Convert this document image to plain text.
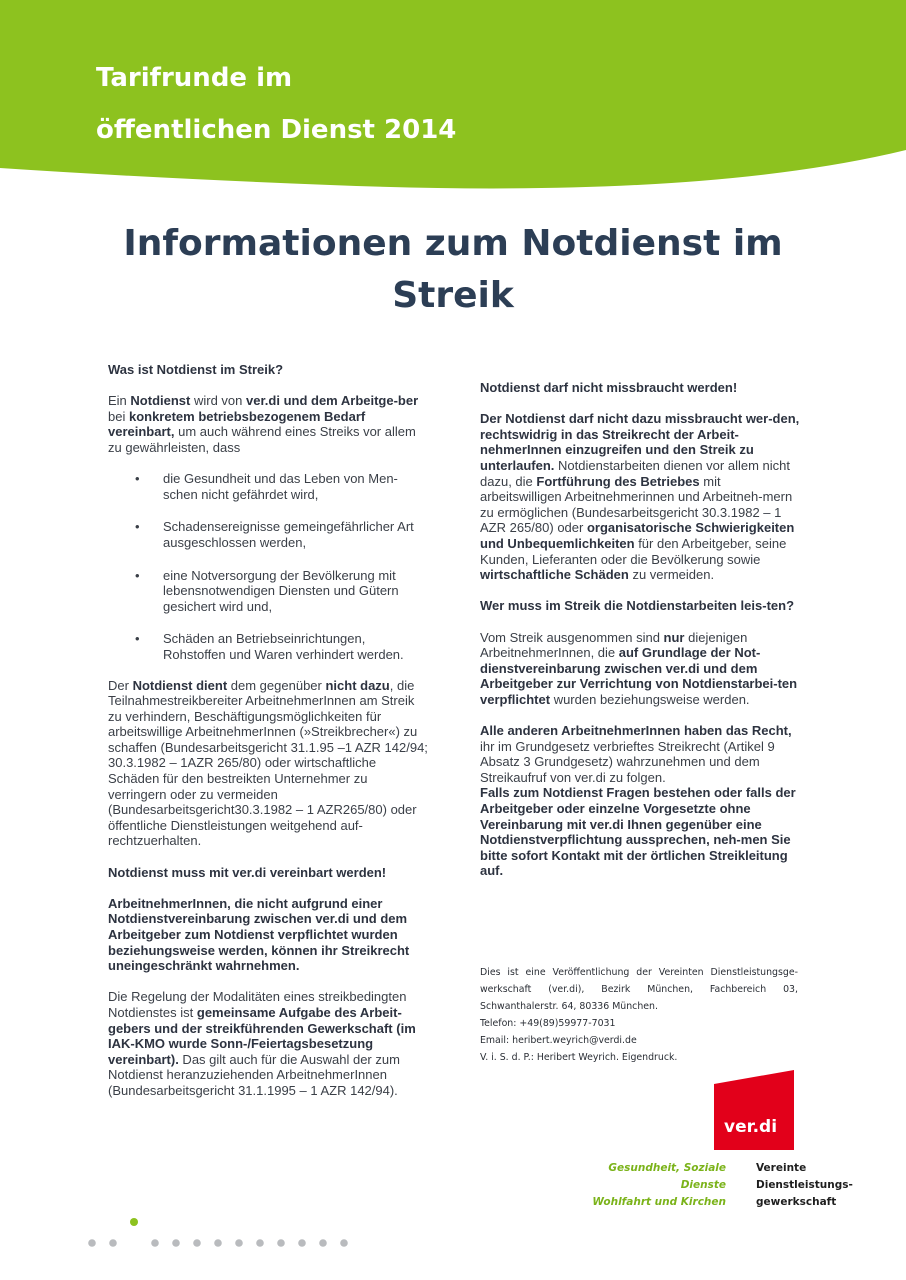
Tarifrunde im
öffentlichen Dienst 2014
Informationen zum Notdienst im Streik

Was ist Notdienst im Streik?

Ein Notdienst wird von ver.di und dem Arbeitge-ber bei konkretem betriebsbezogenem Bedarf vereinbart, um auch während eines Streiks vor allem zu gewährleisten, dass

• die Gesundheit und das Leben von Men-schen nicht gefährdet wird,
• Schadensereignisse gemeingefährlicher Art ausgeschlossen werden,
• eine Notversorgung der Bevölkerung mit lebensnotwendigen Diensten und Gütern gesichert wird und,
• Schäden an Betriebseinrichtungen, Rohstoffen und Waren verhindert werden.

Der Notdienst dient dem gegenüber nicht dazu, die Teilnahmestreikbereiter ArbeitnehmerInnen am Streik zu verhindern, Beschäftigungsmöglichkeiten für arbeitswillige ArbeitnehmerInnen (»Streikbrecher«) zu schaffen (Bundesarbeitsgericht 31.1.95 –1 AZR 142/94; 30.3.1982 – 1AZR 265/80) oder wirtschaftliche Schäden für den bestreikten Unternehmer zu verringern oder zu vermeiden (Bundesarbeitsgericht30.3.1982 – 1 AZR265/80) oder öffentliche Dienstleistungen weitgehend auf-rechtzuerhalten.

Notdienst muss mit ver.di vereinbart werden!

ArbeitnehmerInnen, die nicht aufgrund einer Notdienstvereinbarung zwischen ver.di und dem Arbeitgeber zum Notdienst verpflichtet wurden beziehungsweise werden, können ihr Streikrecht uneingeschränkt wahrnehmen.

Die Regelung der Modalitäten eines streikbedingten Notdienstes ist gemeinsame Aufgabe des Arbeit-gebers und der streikführenden Gewerkschaft (im IAK-KMO wurde Sonn-/Feiertagsbesetzung vereinbart). Das gilt auch für die Auswahl der zum Notdienst heranzuziehenden ArbeitnehmerInnen (Bundesarbeitsgericht 31.1.1995 – 1 AZR 142/94).

Notdienst darf nicht missbraucht werden!

Der Notdienst darf nicht dazu missbraucht wer-den, rechtswidrig in das Streikrecht der Arbeit-nehmerInnen einzugreifen und den Streik zu unterlaufen. Notdienstarbeiten dienen vor allem nicht dazu, die Fortführung des Betriebes mit arbeitswilligen Arbeitnehmerinnen und Arbeitneh-mern zu ermöglichen (Bundesarbeitsgericht 30.3.1982 – 1 AZR 265/80) oder organisatorische Schwierigkeiten und Unbequemlichkeiten für den Arbeitgeber, seine Kunden, Lieferanten oder die Bevölkerung sowie wirtschaftliche Schäden zu vermeiden.

Wer muss im Streik die Notdienstarbeiten leis-ten?

Vom Streik ausgenommen sind nur diejenigen ArbeitnehmerInnen, die auf Grundlage der Not-dienstvereinbarung zwischen ver.di und dem Arbeitgeber zur Verrichtung von Notdienstarbei-ten verpflichtet wurden beziehungsweise werden.

Alle anderen ArbeitnehmerInnen haben das Recht, ihr im Grundgesetz verbrieftes Streikrecht (Artikel 9 Absatz 3 Grundgesetz) wahrzunehmen und dem Streikaufruf von ver.di zu folgen.

Falls zum Notdienst Fragen bestehen oder falls der Arbeitgeber oder einzelne Vorgesetzte ohne Vereinbarung mit ver.di Ihnen gegenüber eine Notdienstverpflichtung aussprechen, neh-men Sie bitte sofort Kontakt mit der örtlichen Streikleitung auf.

Dies ist eine Veröffentlichung der Vereinten Dienstleistungsge-
werkschaft (ver.di), Bezirk München, Fachbereich 03,
Schwanthalerstr. 64, 80336 München.
Telefon: +49(89)59977-7031
Email: heribert.weyrich@verdi.de
V. i. S. d. P.: Heribert Weyrich. Eigendruck.
ver.di
Gesundheit, Soziale Dienste
Wohlfahrt und Kirchen
Vereinte
Dienstleistungs-
gewerkschaft
